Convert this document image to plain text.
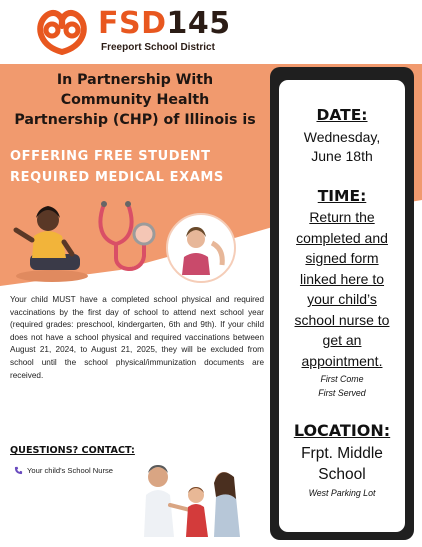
FSD145
Freeport School District
In Partnership With
Community Health
Partnership (CHP) of Illinois is
OFFERING FREE STUDENT
REQUIRED MEDICAL EXAMS
Your child MUST have a completed school physical and required vaccinations by the first day of school to attend next school year (required grades: preschool, kindergarten, 6th and 9th). If your child does not have a school physical and required vaccinations between August 21, 2024, to August 21, 2025, they will be excluded from school until the school physical/immunization documents are received.
QUESTIONS? CONTACT:
Your child's School Nurse
DATE:
Wednesday,
June 18th
TIME:
Return the
completed and
signed form
linked here to
your child’s
school nurse to
get an
appointment.
First Come
First Served
LOCATION:
Frpt. Middle
School
West Parking Lot
